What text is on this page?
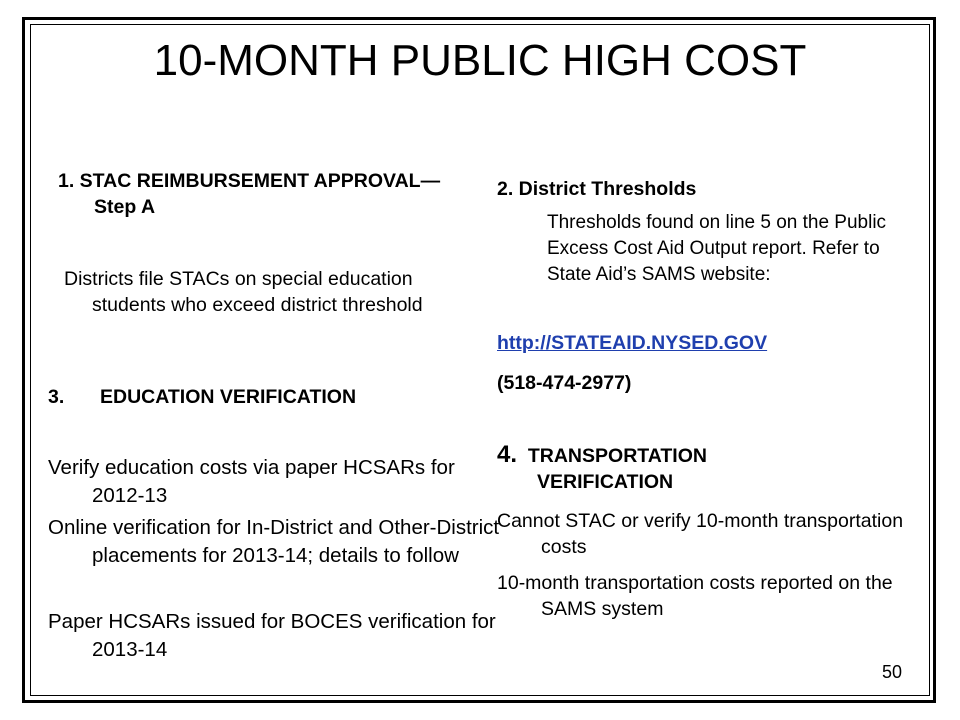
10-MONTH PUBLIC HIGH COST

1. STAC REIMBURSEMENT APPROVAL—Step A

Districts file STACs on special education students who exceed district threshold

3. EDUCATION VERIFICATION

Verify education costs via paper HCSARs for 2012-13

Online verification for In-District and Other-District placements for 2013-14; details to follow

Paper HCSARs issued for BOCES verification for 2013-14

2. District Thresholds

Thresholds found on line 5 on the Public Excess Cost Aid Output report. Refer to State Aid’s SAMS website:

http://STATEAID.NYSED.GOV

(518-474-2977)

4. TRANSPORTATION VERIFICATION

Cannot STAC or verify 10-month transportation costs

10-month transportation costs reported on the SAMS system

50
